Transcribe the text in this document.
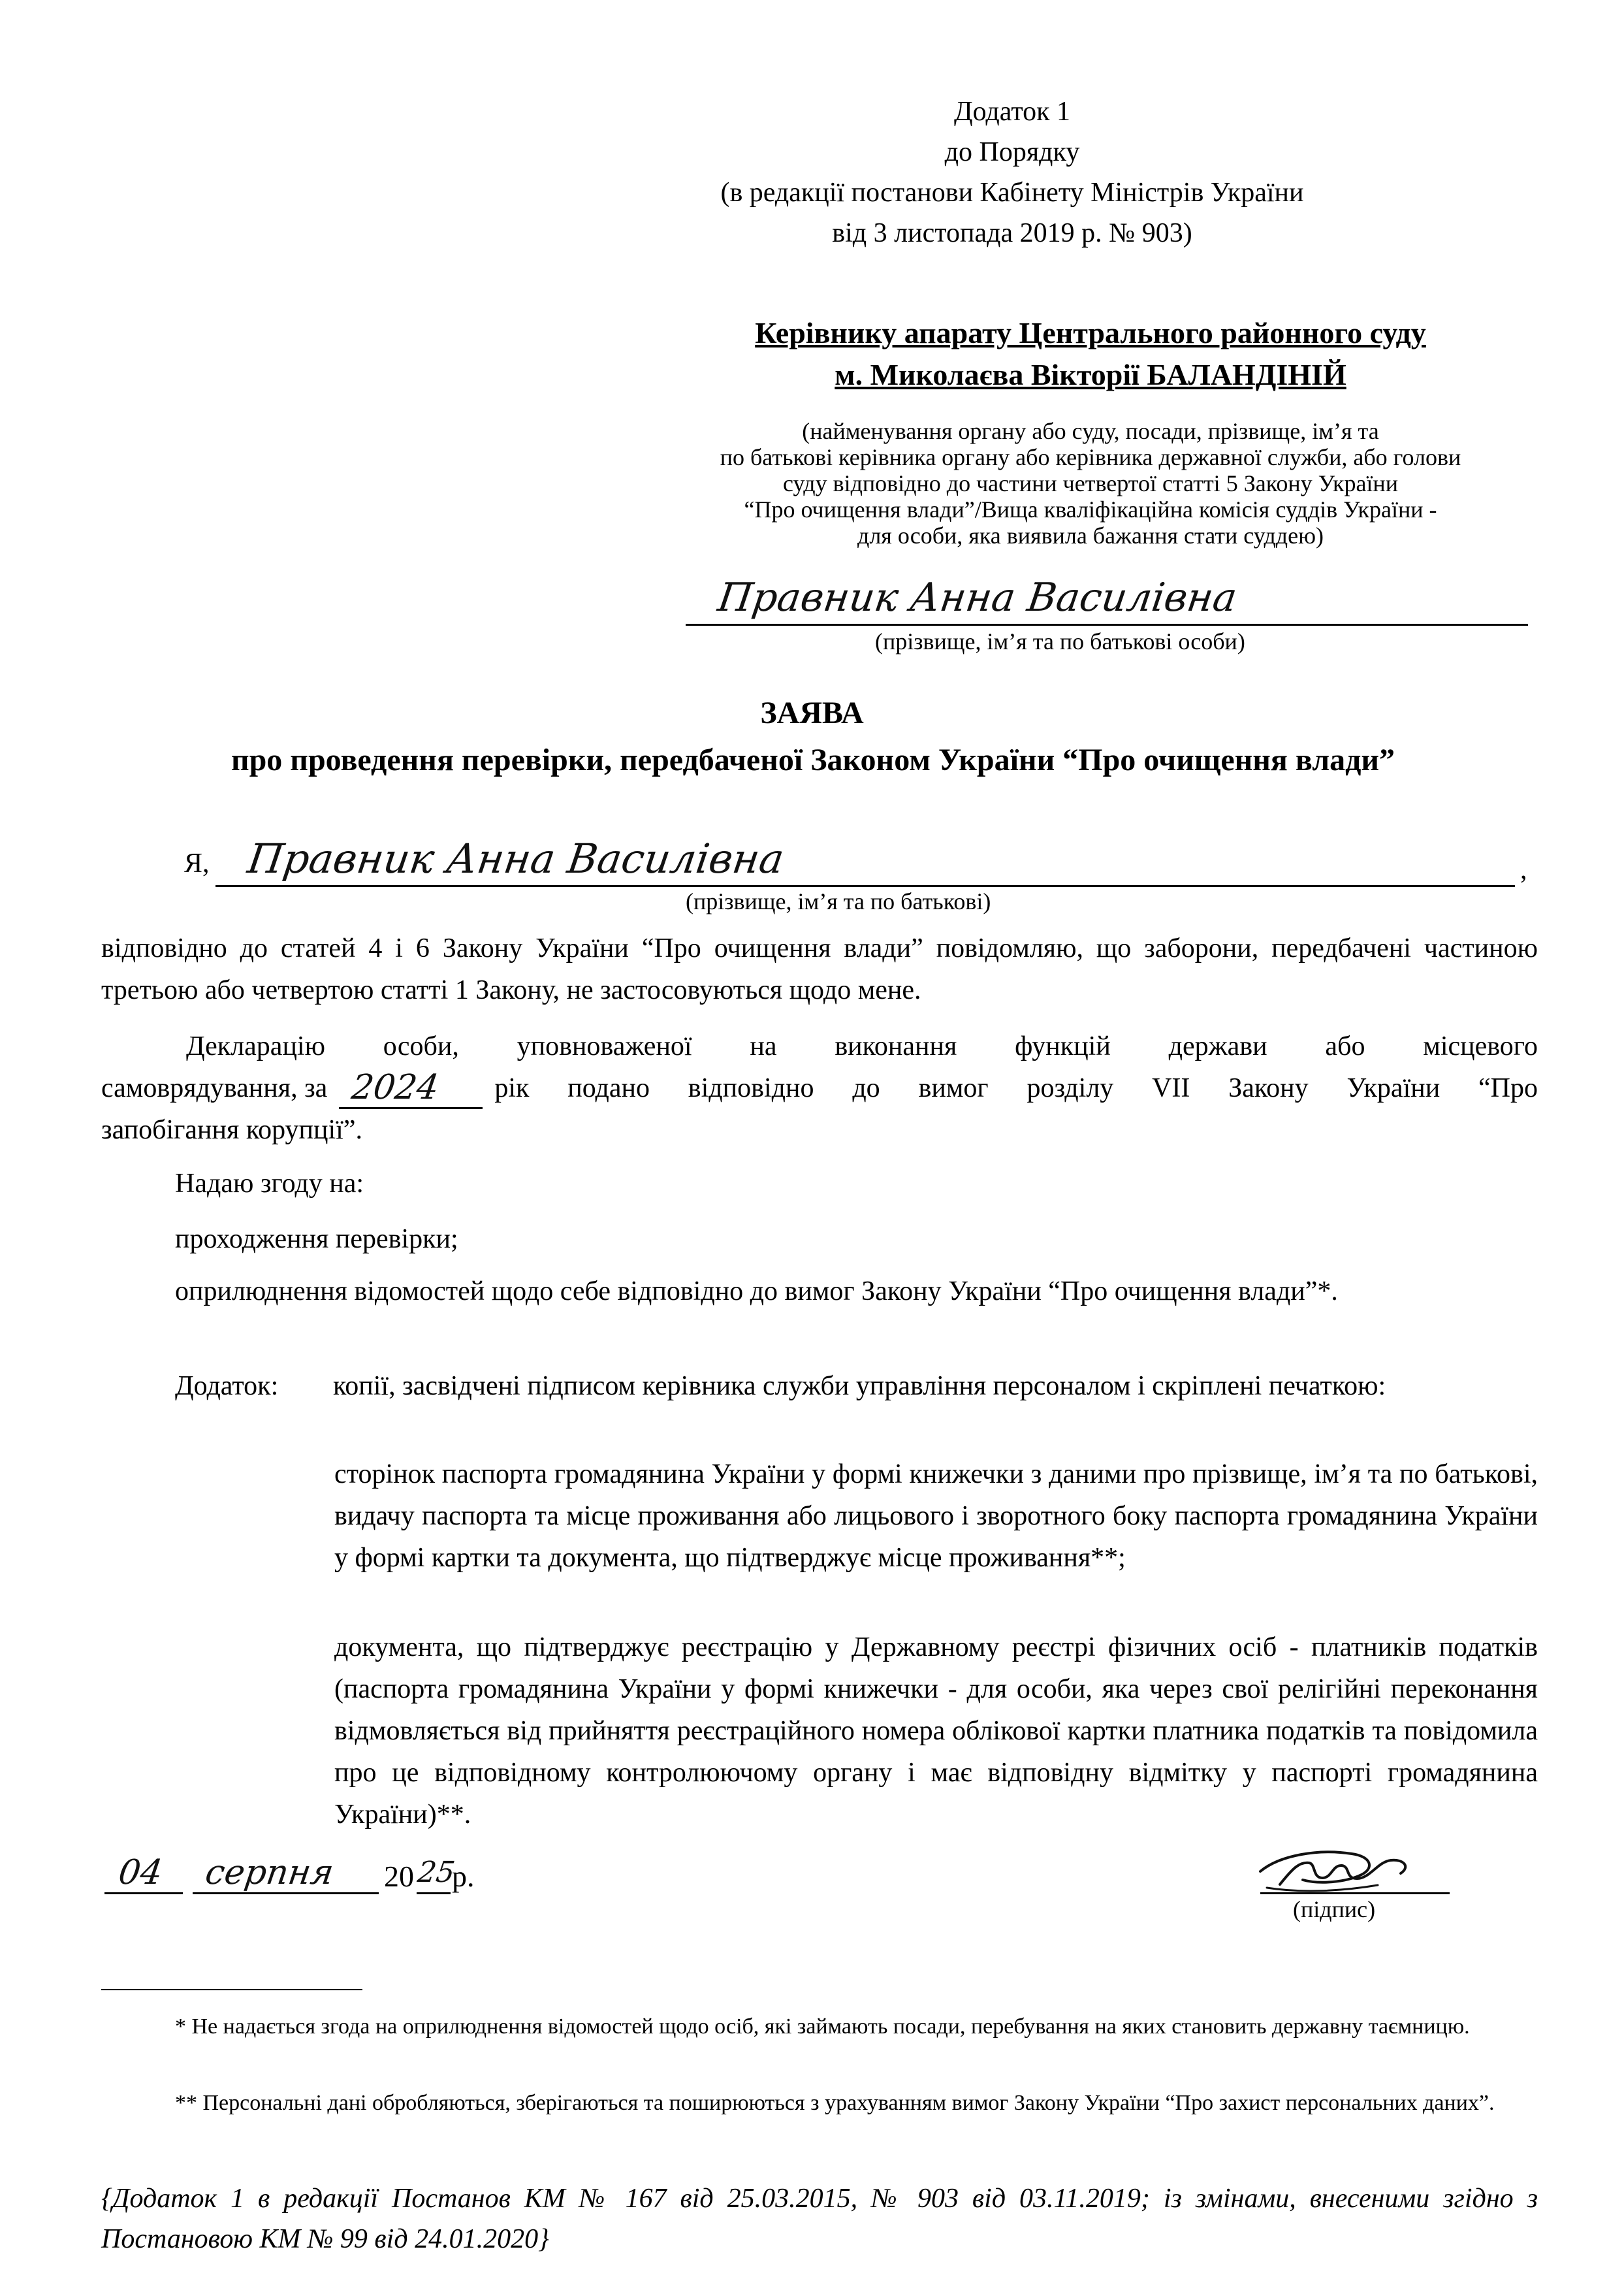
Додаток 1
до Порядку
(в редакції постанови Кабінету Міністрів України
від 3 листопада 2019 р. № 903)
Керівнику апарату Центрального районного суду
м. Миколаєва Вікторії БАЛАНДІНІЙ
(найменування органу або суду, посади, прізвище, ім’я та
по батькові керівника органу або керівника державної служби, або голови
суду відповідно до частини четвертої статті 5 Закону України
“Про очищення влади”/Вища кваліфікаційна комісія суддів України -
для особи, яка виявила бажання стати суддею)
Правник Анна Василівна
(прізвище, ім’я та по батькові особи)
ЗАЯВА
про проведення перевірки, передбаченої Законом України “Про очищення влади”
Я, Правник Анна Василівна	,
(прізвище, ім’я та по батькові)
відповідно до статей 4 і 6 Закону України “Про очищення влади” повідомляю, що заборони, передбачені частиною третьою або четвертою статті 1 Закону, не застосовуються щодо мене.
Декларацію особи, уповноваженої на виконання функцій держави або місцевого
самоврядування, за 2024 рік подано відповідно до вимог розділу VII Закону України “Про
запобігання корупції”.
Надаю згоду на:
проходження перевірки;
оприлюднення відомостей щодо себе відповідно до вимог Закону України “Про очищення влади”*.
Додаток: копії, засвідчені підписом керівника служби управління персоналом і скріплені печаткою:
сторінок паспорта громадянина України у формі книжечки з даними про прізвище, ім’я та по батькові, видачу паспорта та місце проживання або лицьового і зворотного боку паспорта громадянина України у формі картки та документа, що підтверджує місце проживання**;
документа, що підтверджує реєстрацію у Державному реєстрі фізичних осіб - платників податків (паспорта громадянина України у формі книжечки - для особи, яка через свої релігійні переконання відмовляється від прийняття реєстраційного номера облікової картки платника податків та повідомила про це відповідному контролюючому органу і має відповідну відмітку у паспорті громадянина України)**.
04 серпня 20 25
р.
(підпис)
* Не надається згода на оприлюднення відомостей щодо осіб, які займають посади, перебування на яких становить державну таємницю.
** Персональні дані обробляються, зберігаються та поширюються з урахуванням вимог Закону України “Про захист персональних даних”.
{Додаток 1 в редакції Постанов КМ № 167 від 25.03.2015, № 903 від 03.11.2019; із змінами, внесеними згідно з Постановою КМ № 99 від 24.01.2020}
